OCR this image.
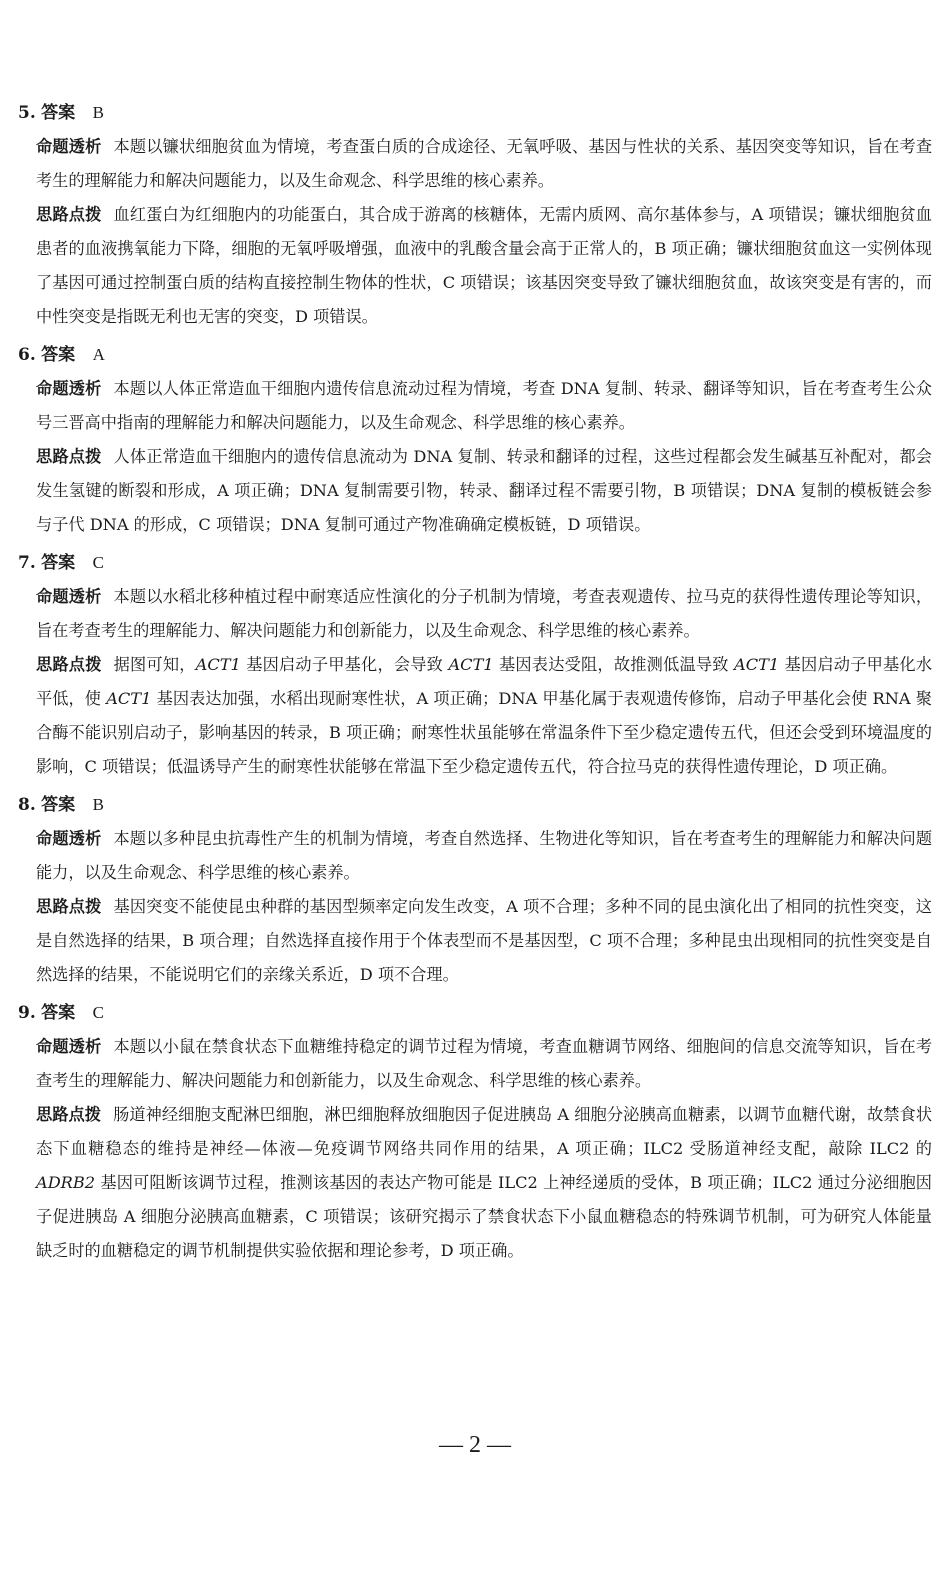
5. 答案 B

命题透析 本题以镰状细胞贫血为情境，考查蛋白质的合成途径、无氧呼吸、基因与性状的关系、基因突变等知识，旨在考查考生的理解能力和解决问题能力，以及生命观念、科学思维的核心素养。

思路点拨 血红蛋白为红细胞内的功能蛋白，其合成于游离的核糖体，无需内质网、高尔基体参与，A 项错误；镰状细胞贫血患者的血液携氧能力下降，细胞的无氧呼吸增强，血液中的乳酸含量会高于正常人的，B 项正确；镰状细胞贫血这一实例体现了基因可通过控制蛋白质的结构直接控制生物体的性状，C 项错误；该基因突变导致了镰状细胞贫血，故该突变是有害的，而中性突变是指既无利也无害的突变，D 项错误。

6. 答案 A

命题透析 本题以人体正常造血干细胞内遗传信息流动过程为情境，考查 DNA 复制、转录、翻译等知识，旨在考查考生公众号三晋高中指南的理解能力和解决问题能力，以及生命观念、科学思维的核心素养。

思路点拨 人体正常造血干细胞内的遗传信息流动为 DNA 复制、转录和翻译的过程，这些过程都会发生碱基互补配对，都会发生氢键的断裂和形成，A 项正确；DNA 复制需要引物，转录、翻译过程不需要引物，B 项错误；DNA 复制的模板链会参与子代 DNA 的形成，C 项错误；DNA 复制可通过产物准确确定模板链，D 项错误。

7. 答案 C

命题透析 本题以水稻北移种植过程中耐寒适应性演化的分子机制为情境，考查表观遗传、拉马克的获得性遗传理论等知识，旨在考查考生的理解能力、解决问题能力和创新能力，以及生命观念、科学思维的核心素养。

思路点拨 据图可知，ACT1 基因启动子甲基化，会导致 ACT1 基因表达受阻，故推测低温导致 ACT1 基因启动子甲基化水平低，使 ACT1 基因表达加强，水稻出现耐寒性状，A 项正确；DNA 甲基化属于表观遗传修饰，启动子甲基化会使 RNA 聚合酶不能识别启动子，影响基因的转录，B 项正确；耐寒性状虽能够在常温条件下至少稳定遗传五代，但还会受到环境温度的影响，C 项错误；低温诱导产生的耐寒性状能够在常温下至少稳定遗传五代，符合拉马克的获得性遗传理论，D 项正确。

8. 答案 B

命题透析 本题以多种昆虫抗毒性产生的机制为情境，考查自然选择、生物进化等知识，旨在考查考生的理解能力和解决问题能力，以及生命观念、科学思维的核心素养。

思路点拨 基因突变不能使昆虫种群的基因型频率定向发生改变，A 项不合理；多种不同的昆虫演化出了相同的抗性突变，这是自然选择的结果，B 项合理；自然选择直接作用于个体表型而不是基因型，C 项不合理；多种昆虫出现相同的抗性突变是自然选择的结果，不能说明它们的亲缘关系近，D 项不合理。

9. 答案 C

命题透析 本题以小鼠在禁食状态下血糖维持稳定的调节过程为情境，考查血糖调节网络、细胞间的信息交流等知识，旨在考查考生的理解能力、解决问题能力和创新能力，以及生命观念、科学思维的核心素养。

思路点拨 肠道神经细胞支配淋巴细胞，淋巴细胞释放细胞因子促进胰岛 A 细胞分泌胰高血糖素，以调节血糖代谢，故禁食状态下血糖稳态的维持是神经—体液—免疫调节网络共同作用的结果，A 项正确；ILC2 受肠道神经支配，敲除 ILC2 的 ADRB2 基因可阻断该调节过程，推测该基因的表达产物可能是 ILC2 上神经递质的受体，B 项正确；ILC2 通过分泌细胞因子促进胰岛 A 细胞分泌胰高血糖素，C 项错误；该研究揭示了禁食状态下小鼠血糖稳态的特殊调节机制，可为研究人体能量缺乏时的血糖稳定的调节机制提供实验依据和理论参考，D 项正确。

— 2 —
